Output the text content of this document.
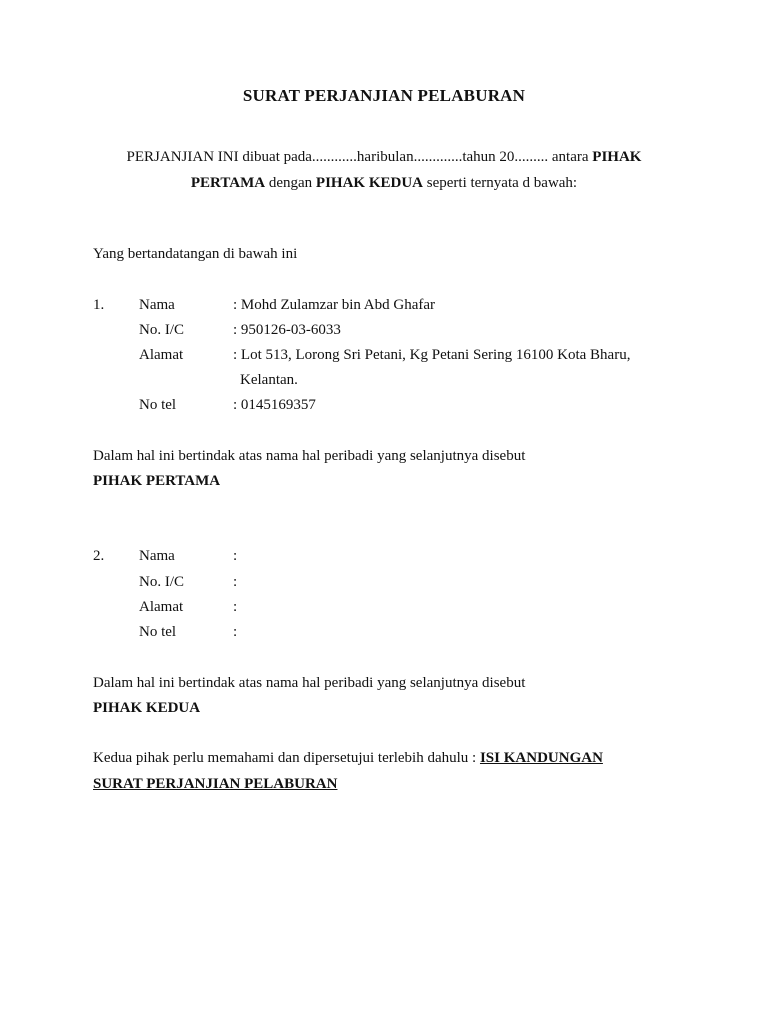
SURAT PERJANJIAN PELABURAN
PERJANJIAN INI dibuat pada............haribulan.............tahun 20......... antara PIHAK PERTAMA dengan PIHAK KEDUA seperti ternyata d bawah:
Yang bertandatangan di bawah ini
1. Nama	: Mohd Zulamzar bin Abd Ghafar
No. I/C	: 950126-03-6033
Alamat	: Lot 513, Lorong Sri Petani, Kg Petani Sering 16100 Kota Bharu,
Kelantan.
No tel	: 0145169357
Dalam hal ini bertindak atas nama hal peribadi yang selanjutnya disebut
PIHAK PERTAMA
2. Nama	:
No. I/C	:
Alamat	:
No tel	:
Dalam hal ini bertindak atas nama hal peribadi yang selanjutnya disebut
PIHAK KEDUA
Kedua pihak perlu memahami dan dipersetujui terlebih dahulu : ISI KANDUNGAN
SURAT PERJANJIAN PELABURAN
